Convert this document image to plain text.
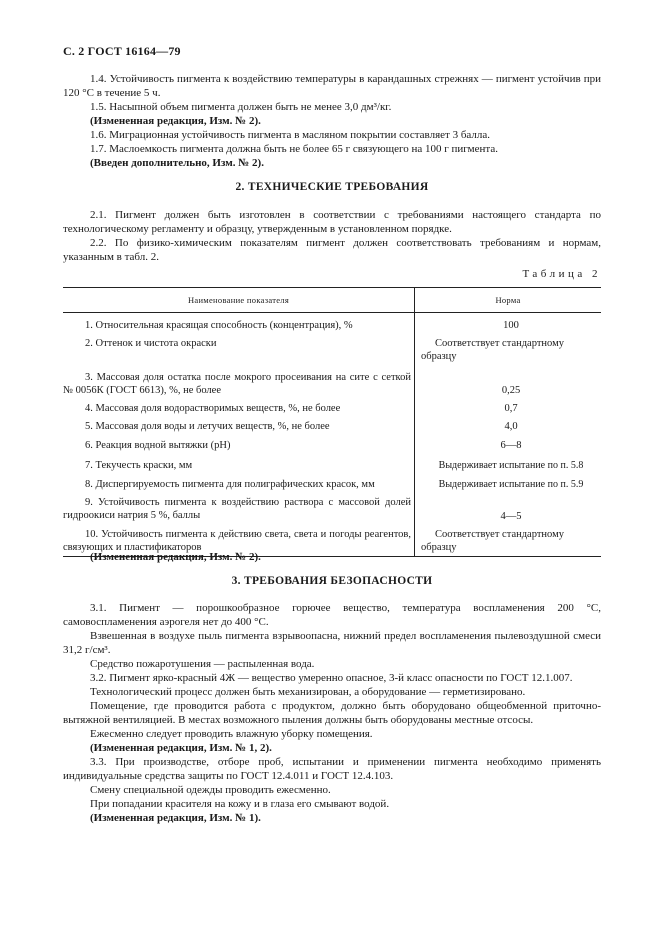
С. 2 ГОСТ 16164—79

1.4. Устойчивость пигмента к воздействию температуры в карандашных стрежнях — пигмент устойчив при 120 °С в течение 5 ч.

1.5. Насыпной объем пигмента должен быть не менее 3,0 дм³/кг.

(Измененная редакция, Изм. № 2).

1.6. Миграционная устойчивость пигмента в масляном покрытии составляет 3 балла.

1.7. Маслоемкость пигмента должна быть не более 65 г связующего на 100 г пигмента.

(Введен дополнительно, Изм. № 2).

2. ТЕХНИЧЕСКИЕ ТРЕБОВАНИЯ

2.1. Пигмент должен быть изготовлен в соответствии с требованиями настоящего стандарта по технологическому регламенту и образцу, утвержденным в установленном порядке.

2.2. По физико-химическим показателям пигмент должен соответствовать требованиям и нормам, указанным в табл. 2.

Таблица 2
Наименование показателя	Норма
1. Относительная красящая способность (концентрация), %	100
2. Оттенок и чистота окраски	Соответствует стандартному образцу
3. Массовая доля остатка после мокрого просеивания на сите с сеткой № 0056К (ГОСТ 6613), %, не более	0,25
4. Массовая доля водорастворимых веществ, %, не более	0,7
5. Массовая доля воды и летучих веществ, %, не более	4,0
6. Реакция водной вытяжки (рН)	6—8
7. Текучесть краски, мм	Выдерживает испытание по п. 5.8
8. Диспергируемость пигмента для полиграфических красок, мм	Выдерживает испытание по п. 5.9
9. Устойчивость пигмента к воздействию раствора с массовой долей гидроокиси натрия 5 %, баллы	4—5
10. Устойчивость пигмента к действию света, света и погоды реагентов, связующих и пластификаторов	Соответствует стандартному образцу

(Измененная редакция, Изм. № 2).

3. ТРЕБОВАНИЯ БЕЗОПАСНОСТИ

3.1. Пигмент — порошкообразное горючее вещество, температура воспламенения 200 °С, самовоспламенения аэрогеля нет до 400 °С.

Взвешенная в воздухе пыль пигмента взрывоопасна, нижний предел воспламенения пылевоздушной смеси 31,2 г/см³.

Средство пожаротушения — распыленная вода.

3.2. Пигмент ярко-красный 4Ж — вещество умеренно опасное, 3-й класс опасности по ГОСТ 12.1.007.

Технологический процесс должен быть механизирован, а оборудование — герметизировано.

Помещение, где проводится работа с продуктом, должно быть оборудовано общеобменной приточно-вытяжной вентиляцией. В местах возможного пыления должны быть оборудованы местные отсосы.

Ежесменно следует проводить влажную уборку помещения.

(Измененная редакция, Изм. № 1, 2).

3.3. При производстве, отборе проб, испытании и применении пигмента необходимо применять индивидуальные средства защиты по ГОСТ 12.4.011 и ГОСТ 12.4.103.

Смену специальной одежды проводить ежесменно.

При попадании красителя на кожу и в глаза его смывают водой.

(Измененная редакция, Изм. № 1).
